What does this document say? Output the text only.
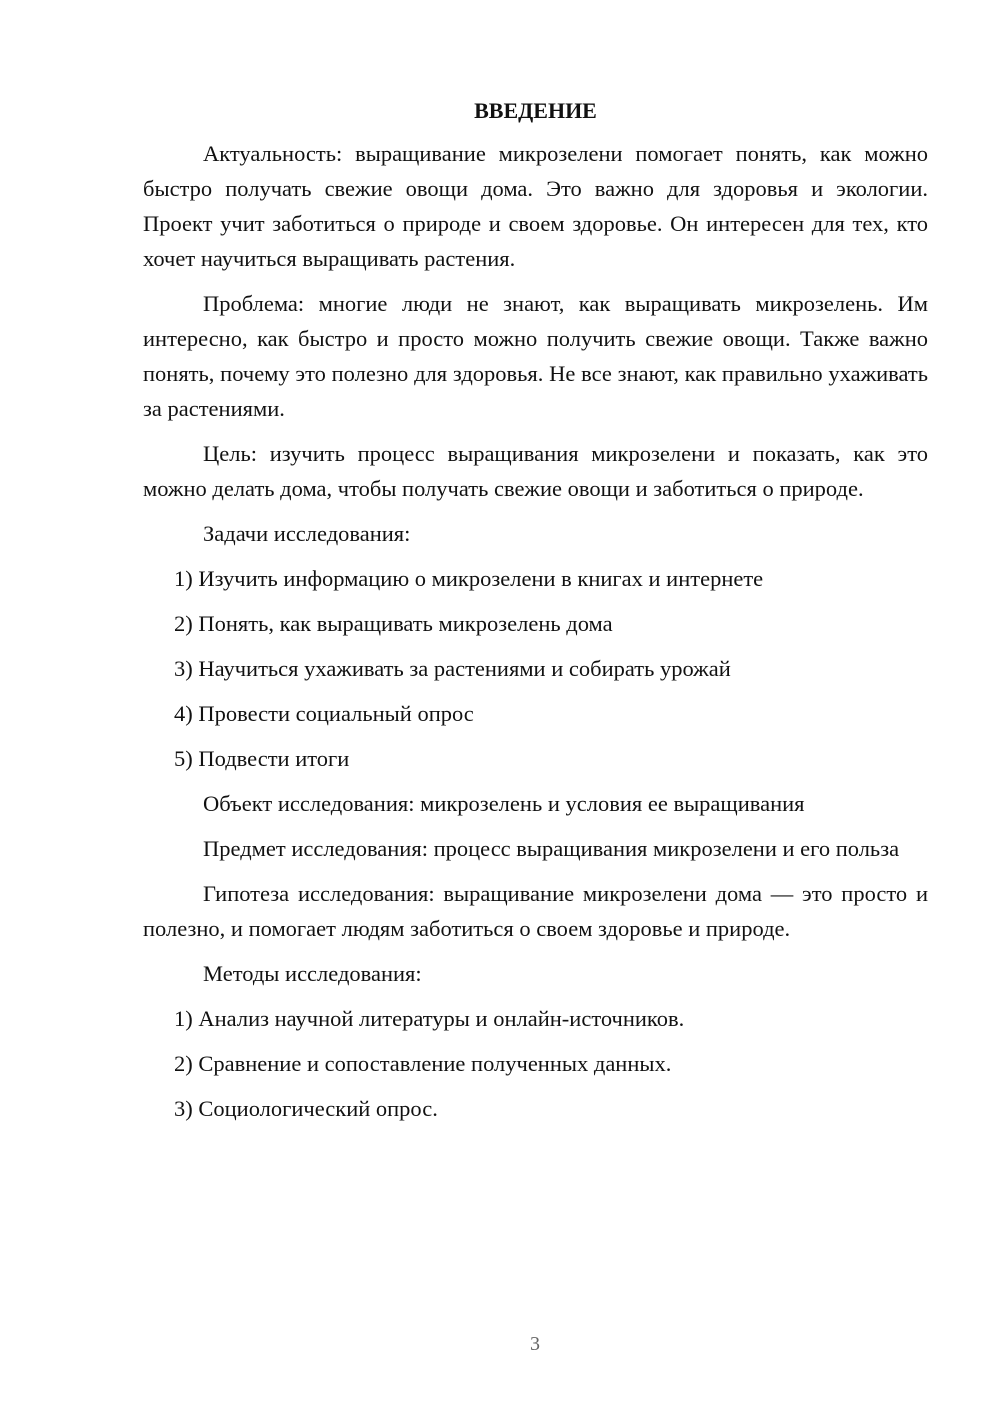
ВВЕДЕНИЕ

Актуальность: выращивание микрозелени помогает понять, как можно быстро получать свежие овощи дома. Это важно для здоровья и экологии. Проект учит заботиться о природе и своем здоровье. Он интересен для тех, кто хочет научиться выращивать растения.

Проблема: многие люди не знают, как выращивать микрозелень. Им интересно, как быстро и просто можно получить свежие овощи. Также важно понять, почему это полезно для здоровья. Не все знают, как правильно ухаживать за растениями.

Цель: изучить процесс выращивания микрозелени и показать, как это можно делать дома, чтобы получать свежие овощи и заботиться о природе.

Задачи исследования:

1) Изучить информацию о микрозелени в книгах и интернете

2) Понять, как выращивать микрозелень дома

3) Научиться ухаживать за растениями и собирать урожай

4) Провести социальный опрос

5) Подвести итоги

Объект исследования: микрозелень и условия ее выращивания

Предмет исследования: процесс выращивания микрозелени и его польза

Гипотеза исследования: выращивание микрозелени дома — это просто и полезно, и помогает людям заботиться о своем здоровье и природе.

Методы исследования:

1) Анализ научной литературы и онлайн-источников.

2) Сравнение и сопоставление полученных данных.

3) Социологический опрос.

3
